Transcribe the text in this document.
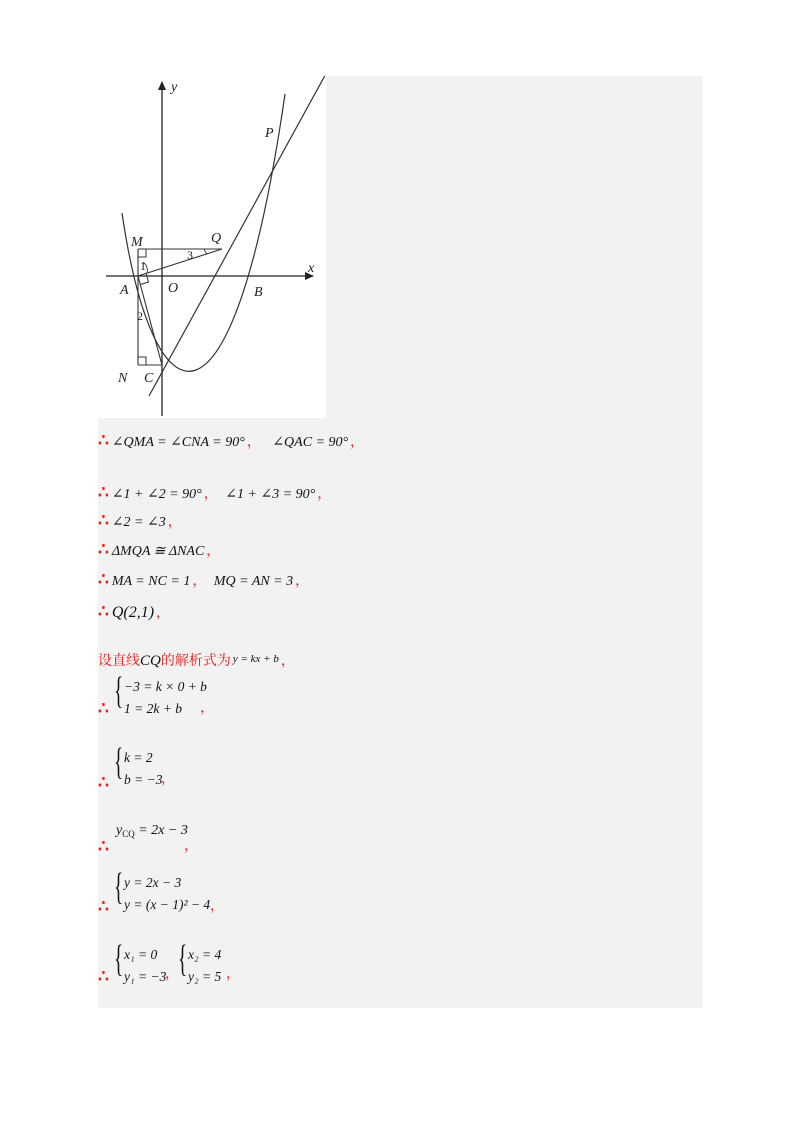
y
x
P
Q
M
A	O	B
N C
1
2
3
∴ ∠QMA = ∠CNA = 90° ， ∠QAC = 90° ，
∴ ∠1 + ∠2 = 90° ， ∠1 + ∠3 = 90° ，
∴ ∠2 = ∠3 ，
∴ ΔMQA ≅ ΔNAC ，
∴ MA = NC = 1 ， MQ = AN = 3 ，
∴ Q(2,1) ，
设直线CQ的解析式为 $^{y = kx + b}$ ，
∴ { −3 = k × 0 + b
1 = 2k + b	，
∴ { k = 2
b = −3
，
∴
$y_{CQ} = 2x - 3$
，
∴ { y = 2x − 3
y = (x − 1)² − 4 ，
∴ { x₁ = 0
y₁ = −3
， { x₂ = 4
y₂ = 5 ，
